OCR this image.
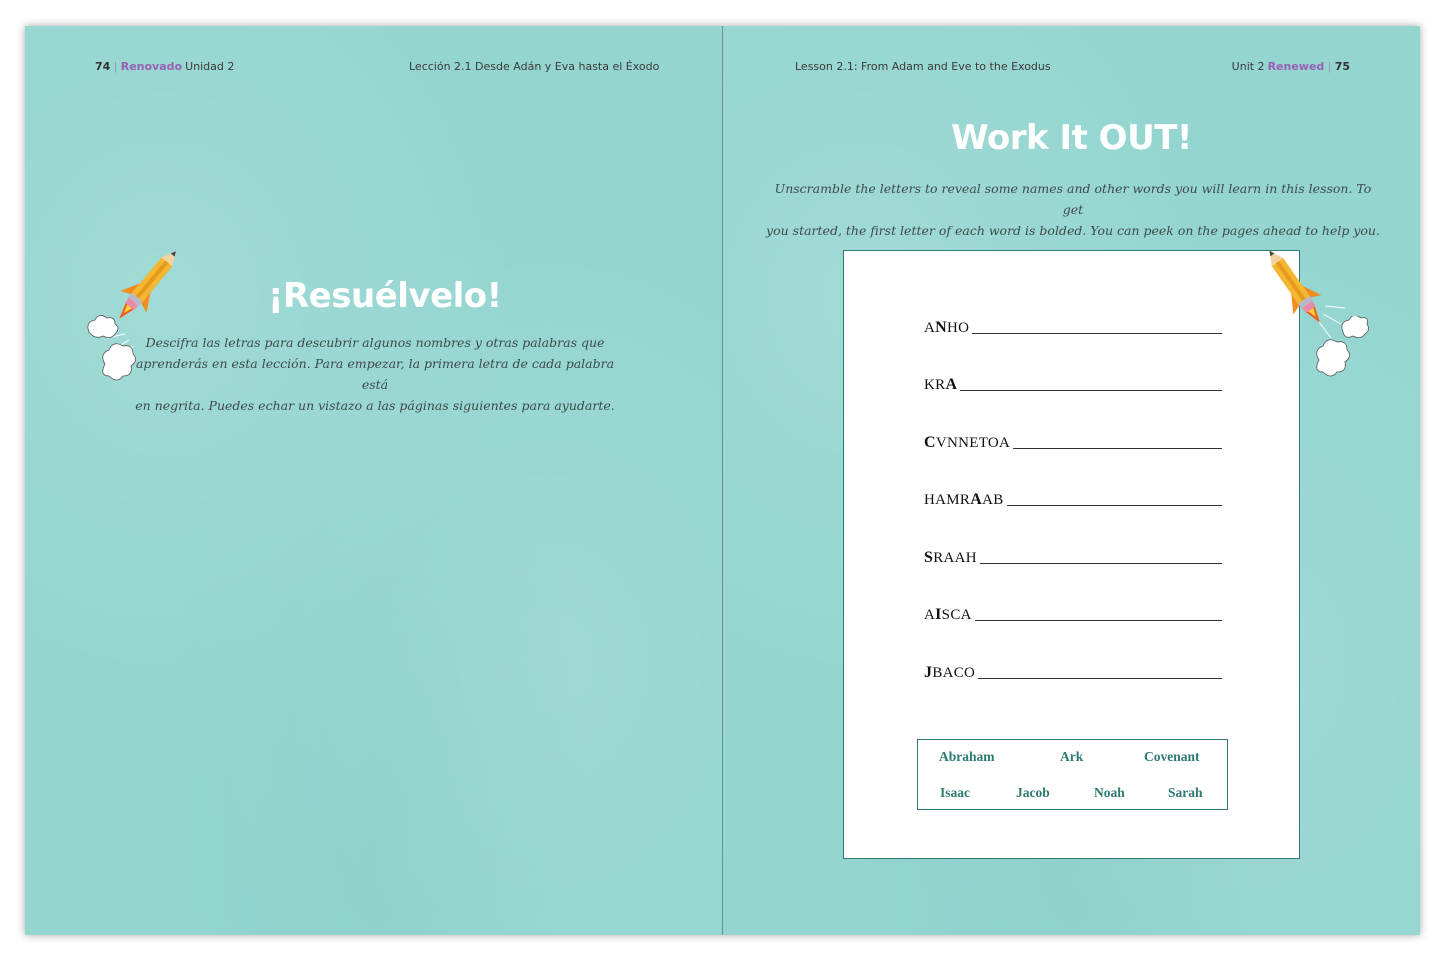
74 | Renovado Unidad 2	Lección 2.1 Desde Adán y Eva hasta el Éxodo
¡Resuélvelo!
Descifra las letras para descubrir algunos nombres y otras palabras que
aprenderás en esta lección. Para empezar, la primera letra de cada palabra está
en negrita. Puedes echar un vistazo a las páginas siguientes para ayudarte.
Lesson 2.1: From Adam and Eve to the Exodus	Unit 2 Renewed | 75
Work It OUT!
Unscramble the letters to reveal some names and other words you will learn in this lesson. To get
you started, the first letter of each word is bolded. You can peek on the pages ahead to help you.
ANHO
KRA
CVNNETOA
HAMRAAB
SRAAH
AISCA
JBACO
Abraham	Ark	Covenant
Isaac	Jacob	Noah	Sarah
